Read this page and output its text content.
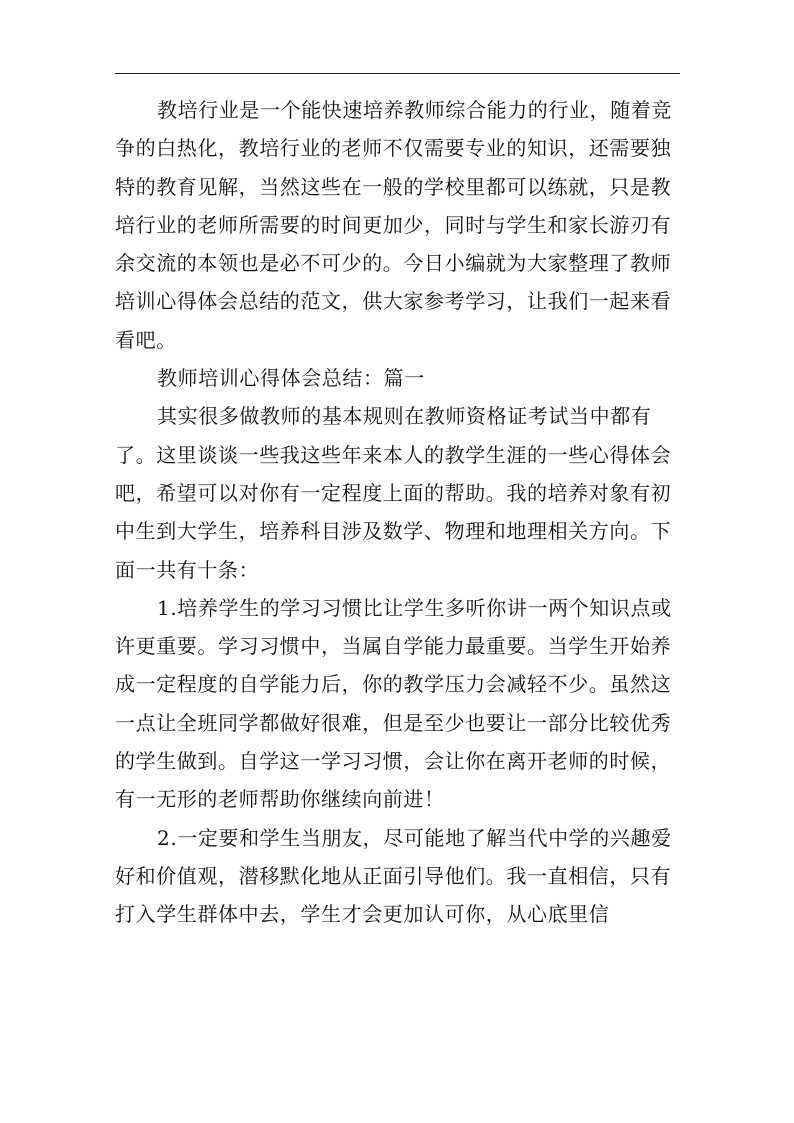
教培行业是一个能快速培养教师综合能力的行业，随着竞争的白热化，教培行业的老师不仅需要专业的知识，还需要独特的教育见解，当然这些在一般的学校里都可以练就，只是教培行业的老师所需要的时间更加少，同时与学生和家长游刃有余交流的本领也是必不可少的。今日小编就为大家整理了教师培训心得体会总结的范文，供大家参考学习，让我们一起来看看吧。

教师培训心得体会总结：篇一

其实很多做教师的基本规则在教师资格证考试当中都有了。这里谈谈一些我这些年来本人的教学生涯的一些心得体会吧，希望可以对你有一定程度上面的帮助。我的培养对象有初中生到大学生，培养科目涉及数学、物理和地理相关方向。下面一共有十条：

1.培养学生的学习习惯比让学生多听你讲一两个知识点或许更重要。学习习惯中，当属自学能力最重要。当学生开始养成一定程度的自学能力后，你的教学压力会减轻不少。虽然这一点让全班同学都做好很难，但是至少也要让一部分比较优秀的学生做到。自学这一学习习惯，会让你在离开老师的时候，有一无形的老师帮助你继续向前进！

2.一定要和学生当朋友，尽可能地了解当代中学的兴趣爱好和价值观，潜移默化地从正面引导他们。我一直相信，只有打入学生群体中去，学生才会更加认可你，从心底里信
